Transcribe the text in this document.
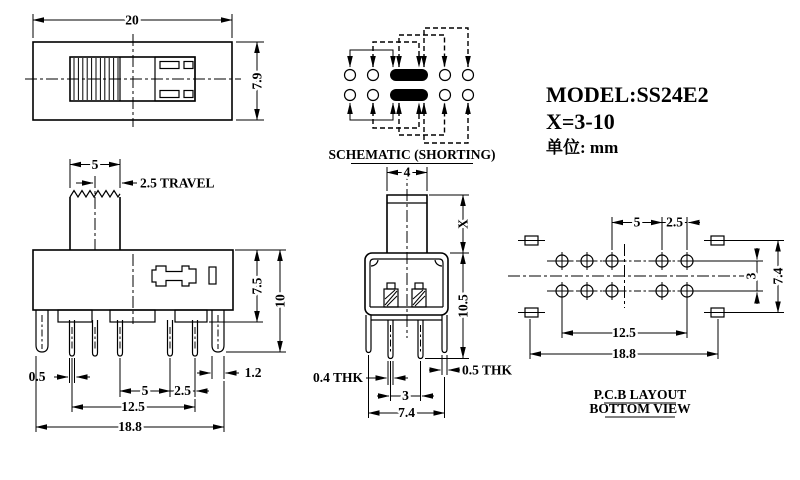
20
7.9
SCHEMATIC (SHORTING)
MODEL:SS24E2
X=3-10
单位: mm
5
2.5 TRAVEL
0.5
5 2.5
1.2
12.5
18.8
7.5
10
4
X
10.5
0.4 THK	0.5 THK
3
7.4
5 2.5
3 7.4
12.5
18.8
P.C.B LAYOUT
BOTTOM VIEW
